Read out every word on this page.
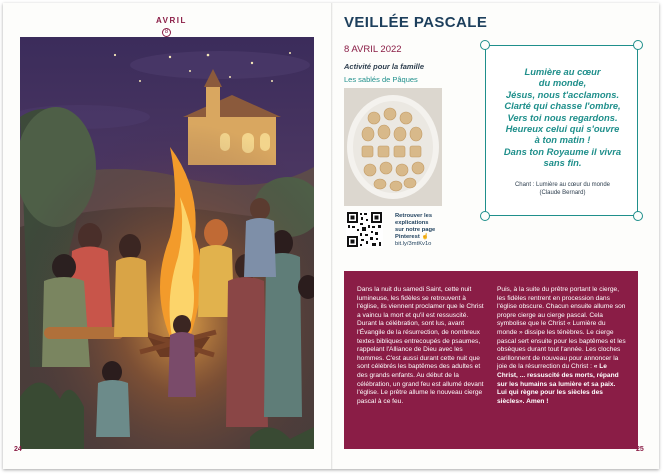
AVRIL
8
24
VEILLÉE PASCALE
8 AVRIL 2022
Activité pour la famille
Les sablés de Pâques
Retrouver les
explications
sur notre page
Pinterest ☝
bit.ly/3mtKv1o
Lumière au cœur
du monde,
Jésus, nous t'acclamons.
Clarté qui chasse l'ombre,
Vers toi nous regardons.
Heureux celui qui s'ouvre
à ton matin !
Dans ton Royaume il vivra
sans fin.
Chant : Lumière au cœur du monde
(Claude Bernard)
Dans la nuit du samedi Saint, cette nuit lumineuse, les fidèles se retrouvent à l'église, ils viennent proclamer que le Christ a vaincu la mort et qu'il est ressuscité. Durant la célébration, sont lus, avant l'Évangile de la résurrection, de nombreux textes bibliques entrecoupés de psaumes, rappelant l'Alliance de Dieu avec les hommes. C'est aussi durant cette nuit que sont célébrés les baptêmes des adultes et des grands enfants. Au début de la célébration, un grand feu est allumé devant l'église. Le prêtre allume le nouveau cierge pascal à ce feu.
Puis, à la suite du prêtre portant le cierge, les fidèles rentrent en procession dans l'église obscure. Chacun ensuite allume son propre cierge au cierge pascal. Cela symbolise que le Christ « Lumière du monde » dissipe les ténèbres. Le cierge pascal sert ensuite pour les baptêmes et les obsèques durant tout l'année. Les cloches carillonnent de nouveau pour annoncer la joie de la résurrection du Christ : « Le Christ, ... ressuscité des morts, répand sur les humains sa lumière et sa paix. Lui qui règne pour les siècles des siècles». Amen !
25
